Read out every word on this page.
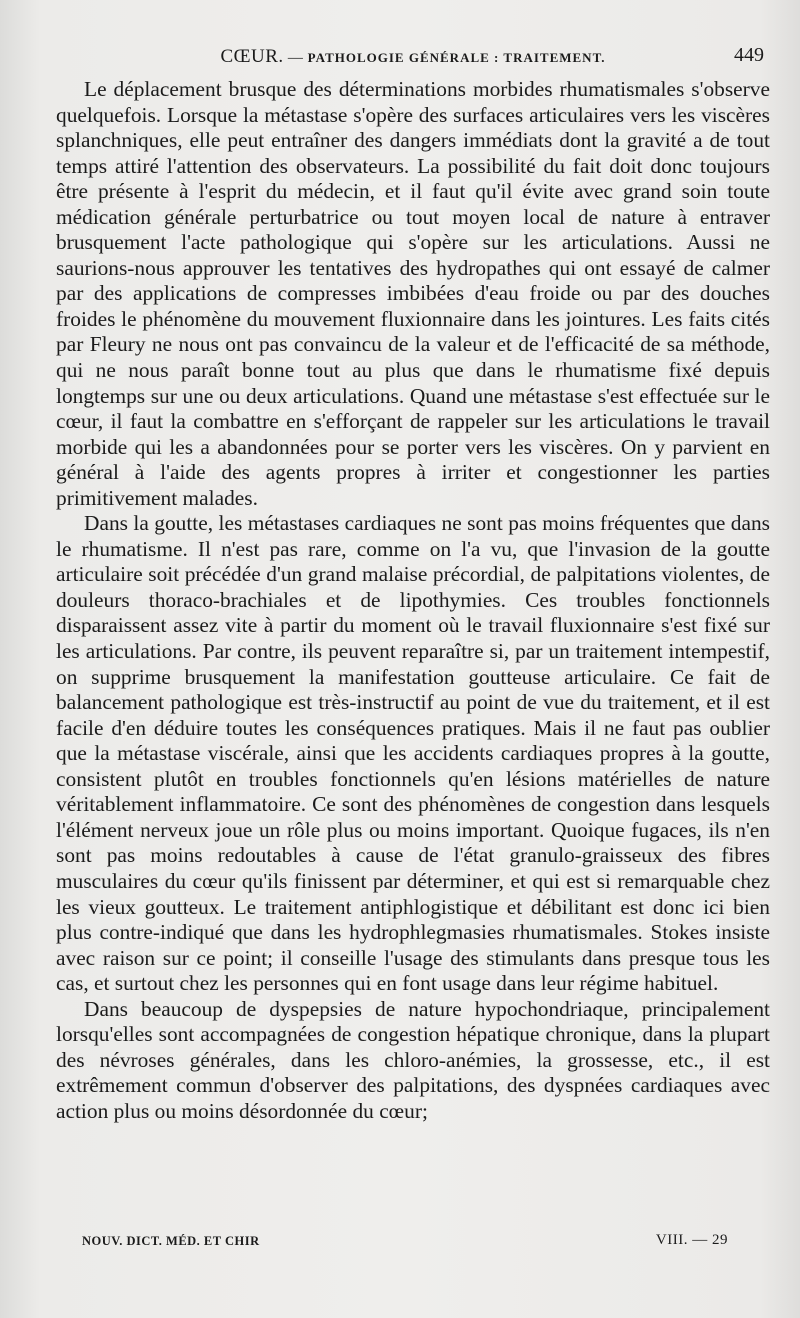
CŒUR. — PATHOLOGIE GÉNÉRALE : TRAITEMENT.	449

Le déplacement brusque des déterminations morbides rhumatismales s'observe quelquefois. Lorsque la métastase s'opère des surfaces articulaires vers les viscères splanchniques, elle peut entraîner des dangers immédiats dont la gravité a de tout temps attiré l'attention des observateurs. La possibilité du fait doit donc toujours être présente à l'esprit du médecin, et il faut qu'il évite avec grand soin toute médication générale perturbatrice ou tout moyen local de nature à entraver brusquement l'acte pathologique qui s'opère sur les articulations. Aussi ne saurions-nous approuver les tentatives des hydropathes qui ont essayé de calmer par des applications de compresses imbibées d'eau froide ou par des douches froides le phénomène du mouvement fluxionnaire dans les jointures. Les faits cités par Fleury ne nous ont pas convaincu de la valeur et de l'efficacité de sa méthode, qui ne nous paraît bonne tout au plus que dans le rhumatisme fixé depuis longtemps sur une ou deux articulations. Quand une métastase s'est effectuée sur le cœur, il faut la combattre en s'efforçant de rappeler sur les articulations le travail morbide qui les a abandonnées pour se porter vers les viscères. On y parvient en général à l'aide des agents propres à irriter et congestionner les parties primitivement malades.

Dans la goutte, les métastases cardiaques ne sont pas moins fréquentes que dans le rhumatisme. Il n'est pas rare, comme on l'a vu, que l'invasion de la goutte articulaire soit précédée d'un grand malaise précordial, de palpitations violentes, de douleurs thoraco-brachiales et de lipothymies. Ces troubles fonctionnels disparaissent assez vite à partir du moment où le travail fluxionnaire s'est fixé sur les articulations. Par contre, ils peuvent reparaître si, par un traitement intempestif, on supprime brusquement la manifestation goutteuse articulaire. Ce fait de balancement pathologique est très-instructif au point de vue du traitement, et il est facile d'en déduire toutes les conséquences pratiques. Mais il ne faut pas oublier que la métastase viscérale, ainsi que les accidents cardiaques propres à la goutte, consistent plutôt en troubles fonctionnels qu'en lésions matérielles de nature véritablement inflammatoire. Ce sont des phénomènes de congestion dans lesquels l'élément nerveux joue un rôle plus ou moins important. Quoique fugaces, ils n'en sont pas moins redoutables à cause de l'état granulo-graisseux des fibres musculaires du cœur qu'ils finissent par déterminer, et qui est si remarquable chez les vieux goutteux. Le traitement antiphlogistique et débilitant est donc ici bien plus contre-indiqué que dans les hydrophlegmasies rhumatismales. Stokes insiste avec raison sur ce point; il conseille l'usage des stimulants dans presque tous les cas, et surtout chez les personnes qui en font usage dans leur régime habituel.

Dans beaucoup de dyspepsies de nature hypochondriaque, principalement lorsqu'elles sont accompagnées de congestion hépatique chronique, dans la plupart des névroses générales, dans les chloro-anémies, la grossesse, etc., il est extrêmement commun d'observer des palpitations, des dyspnées cardiaques avec action plus ou moins désordonnée du cœur;

NOUV. DICT. MÉD. ET CHIR	VIII. — 29
